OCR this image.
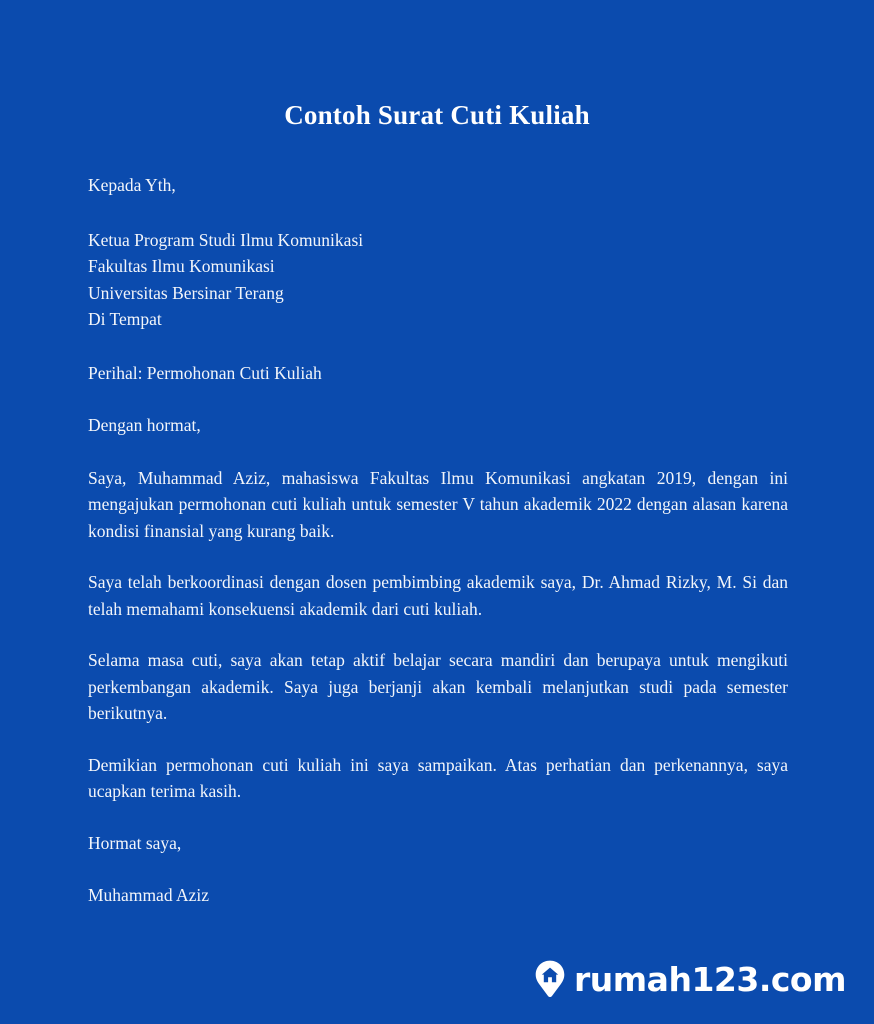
Contoh Surat Cuti Kuliah

Kepada Yth,

Ketua Program Studi Ilmu Komunikasi
Fakultas Ilmu Komunikasi
Universitas Bersinar Terang
Di Tempat

Perihal: Permohonan Cuti Kuliah

Dengan hormat,

Saya, Muhammad Aziz, mahasiswa Fakultas Ilmu Komunikasi angkatan 2019, dengan ini mengajukan permohonan cuti kuliah untuk semester V tahun akademik 2022 dengan alasan karena kondisi finansial yang kurang baik.

Saya telah berkoordinasi dengan dosen pembimbing akademik saya, Dr. Ahmad Rizky, M. Si dan telah memahami konsekuensi akademik dari cuti kuliah.

Selama masa cuti, saya akan tetap aktif belajar secara mandiri dan berupaya untuk mengikuti perkembangan akademik. Saya juga berjanji akan kembali melanjutkan studi pada semester berikutnya.

Demikian permohonan cuti kuliah ini saya sampaikan. Atas perhatian dan perkenannya, saya ucapkan terima kasih.

Hormat saya,

Muhammad Aziz

rumah123.com
